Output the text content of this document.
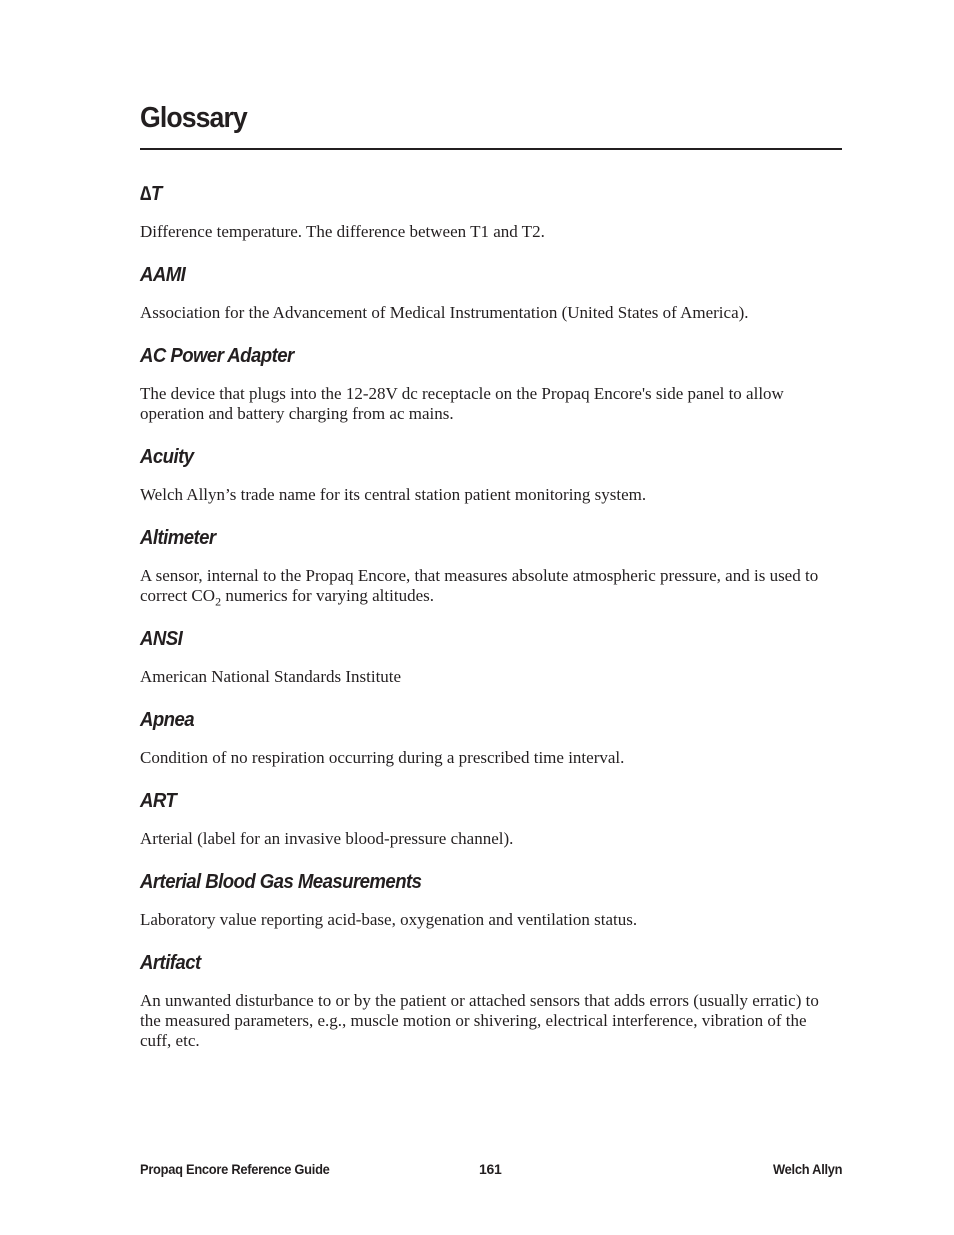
Glossary

∆T

Difference temperature. The difference between T1 and T2.

AAMI

Association for the Advancement of Medical Instrumentation (United States of America).

AC Power Adapter

The device that plugs into the 12-28V dc receptacle on the Propaq Encore's side panel to allow operation and battery charging from ac mains.

Acuity

Welch Allyn’s trade name for its central station patient monitoring system.

Altimeter

A sensor, internal to the Propaq Encore, that measures absolute atmospheric pressure, and is used to correct $CO_2$ numerics for varying altitudes.

ANSI

American National Standards Institute

Apnea

Condition of no respiration occurring during a prescribed time interval.

ART

Arterial (label for an invasive blood-pressure channel).

Arterial Blood Gas Measurements

Laboratory value reporting acid-base, oxygenation and ventilation status.

Artifact

An unwanted disturbance to or by the patient or attached sensors that adds errors (usually erratic) to the measured parameters, e.g., muscle motion or shivering, electrical interference, vibration of the cuff, etc.

Propaq Encore Reference Guide	161	Welch Allyn
